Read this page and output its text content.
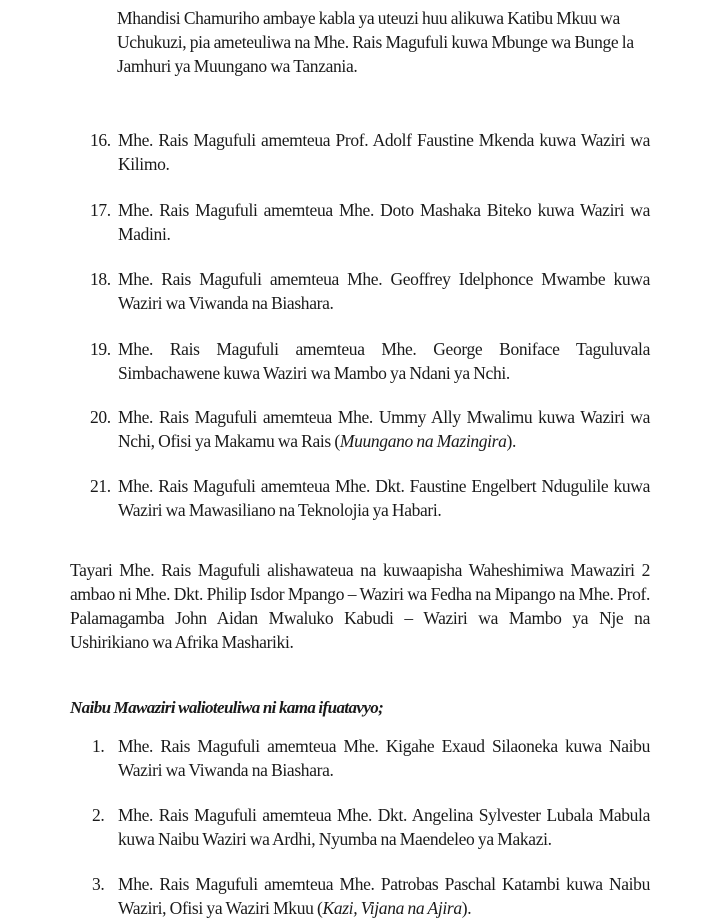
Mhandisi Chamuriho ambaye kabla ya uteuzi huu alikuwa Katibu Mkuu wa Uchukuzi, pia ameteuliwa na Mhe. Rais Magufuli kuwa Mbunge wa Bunge la Jamhuri ya Muungano wa Tanzania.
16. Mhe. Rais Magufuli amemteua Prof. Adolf Faustine Mkenda kuwa Waziri wa Kilimo.
17. Mhe. Rais Magufuli amemteua Mhe. Doto Mashaka Biteko kuwa Waziri wa Madini.
18. Mhe. Rais Magufuli amemteua Mhe. Geoffrey Idelphonce Mwambe kuwa Waziri wa Viwanda na Biashara.
19. Mhe. Rais Magufuli amemteua Mhe. George Boniface Taguluvala Simbachawene kuwa Waziri wa Mambo ya Ndani ya Nchi.
20. Mhe. Rais Magufuli amemteua Mhe. Ummy Ally Mwalimu kuwa Waziri wa Nchi, Ofisi ya Makamu wa Rais (Muungano na Mazingira).
21. Mhe. Rais Magufuli amemteua Mhe. Dkt. Faustine Engelbert Ndugulile kuwa Waziri wa Mawasiliano na Teknolojia ya Habari.
Tayari Mhe. Rais Magufuli alishawateua na kuwaapisha Waheshimiwa Mawaziri 2 ambao ni Mhe. Dkt. Philip Isdor Mpango – Waziri wa Fedha na Mipango na Mhe. Prof. Palamagamba John Aidan Mwaluko Kabudi – Waziri wa Mambo ya Nje na Ushirikiano wa Afrika Mashariki.
Naibu Mawaziri walioteuliwa ni kama ifuatavyo;
1. Mhe. Rais Magufuli amemteua Mhe. Kigahe Exaud Silaoneka kuwa Naibu Waziri wa Viwanda na Biashara.
2. Mhe. Rais Magufuli amemteua Mhe. Dkt. Angelina Sylvester Lubala Mabula kuwa Naibu Waziri wa Ardhi, Nyumba na Maendeleo ya Makazi.
3. Mhe. Rais Magufuli amemteua Mhe. Patrobas Paschal Katambi kuwa Naibu Waziri, Ofisi ya Waziri Mkuu (Kazi, Vijana na Ajira).
